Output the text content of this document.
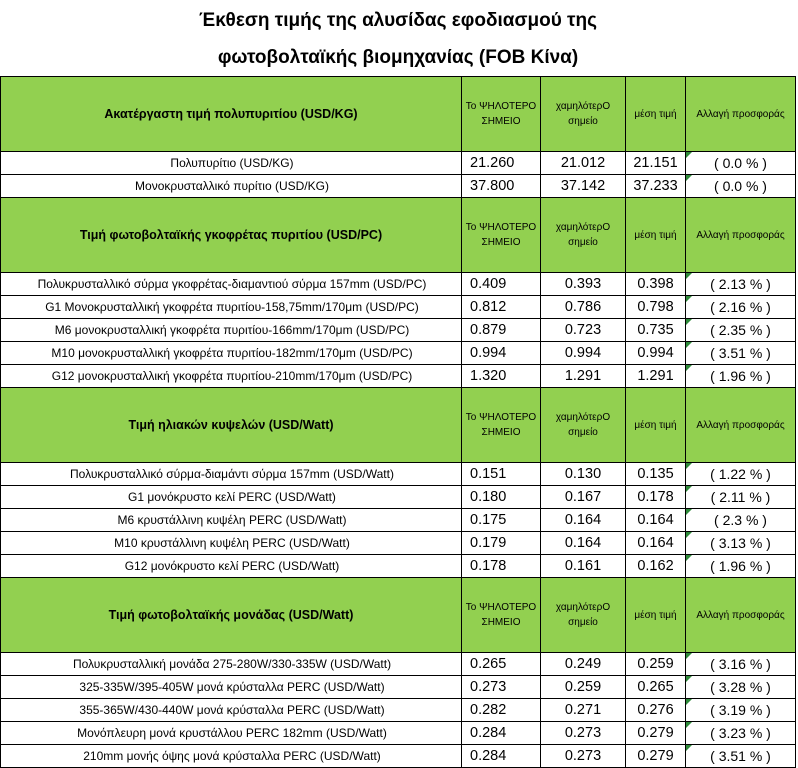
Έκθεση τιμής της αλυσίδας εφοδιασμού της				
φωτοβολταϊκής βιομηχανίας (FOB Κίνα)				
Ακατέργαστη τιμή πολυπυριτίου (USD/KG)	Το ΨΗΛΟΤΕΡΟ ΣΗΜΕΙΟ	χαμηλότερΟ σημείο	μέση τιμή	Αλλαγή προσφοράς
Πολυπυρίτιο (USD/KG)	21.260	21.012	21.151	( 0.0 % )
Μονοκρυσταλλικό πυρίτιο (USD/KG)	37.800	37.142	37.233	( 0.0 % )
Τιμή φωτοβολταϊκής γκοφρέτας πυριτίου (USD/PC)	Το ΨΗΛΟΤΕΡΟ ΣΗΜΕΙΟ	χαμηλότερΟ σημείο	μέση τιμή	Αλλαγή προσφοράς
Πολυκρυσταλλικό σύρμα γκοφρέτας-διαμαντιού σύρμα 157mm (USD/PC)	0.409	0.393	0.398	( 2.13 % )
G1 Μονοκρυσταλλική γκοφρέτα πυριτίου-158,75mm/170μm (USD/PC)	0.812	0.786	0.798	( 2.16 % )
M6 μονοκρυσταλλική γκοφρέτα πυριτίου-166mm/170μm (USD/PC)	0.879	0.723	0.735	( 2.35 % )
M10 μονοκρυσταλλική γκοφρέτα πυριτίου-182mm/170μm (USD/PC)	0.994	0.994	0.994	( 3.51 % )
G12 μονοκρυσταλλική γκοφρέτα πυριτίου-210mm/170μm (USD/PC)	1.320	1.291	1.291	( 1.96 % )
Τιμή ηλιακών κυψελών (USD/Watt)	Το ΨΗΛΟΤΕΡΟ ΣΗΜΕΙΟ	χαμηλότερΟ σημείο	μέση τιμή	Αλλαγή προσφοράς
Πολυκρυσταλλικό σύρμα-διαμάντι σύρμα 157mm (USD/Watt)	0.151	0.130	0.135	( 1.22 % )
G1 μονόκρυστο κελί PERC (USD/Watt)	0.180	0.167	0.178	( 2.11 % )
M6 κρυστάλλινη κυψέλη PERC (USD/Watt)	0.175	0.164	0.164	( 2.3 % )
M10 κρυστάλλινη κυψέλη PERC (USD/Watt)	0.179	0.164	0.164	( 3.13 % )
G12 μονόκρυστο κελί PERC (USD/Watt)	0.178	0.161	0.162	( 1.96 % )
Τιμή φωτοβολταϊκής μονάδας (USD/Watt)	Το ΨΗΛΟΤΕΡΟ ΣΗΜΕΙΟ	χαμηλότερΟ σημείο	μέση τιμή	Αλλαγή προσφοράς
Πολυκρυσταλλική μονάδα 275-280W/330-335W (USD/Watt)	0.265	0.249	0.259	( 3.16 % )
325-335W/395-405W μονά κρύσταλλα PERC (USD/Watt)	0.273	0.259	0.265	( 3.28 % )
355-365W/430-440W μονά κρύσταλλα PERC (USD/Watt)	0.282	0.271	0.276	( 3.19 % )
Μονόπλευρη μονά κρυστάλλου PERC 182mm (USD/Watt)	0.284	0.273	0.279	( 3.23 % )
210mm μονής όψης μονά κρύσταλλα PERC (USD/Watt)	0.284	0.273	0.279	( 3.51 % )
